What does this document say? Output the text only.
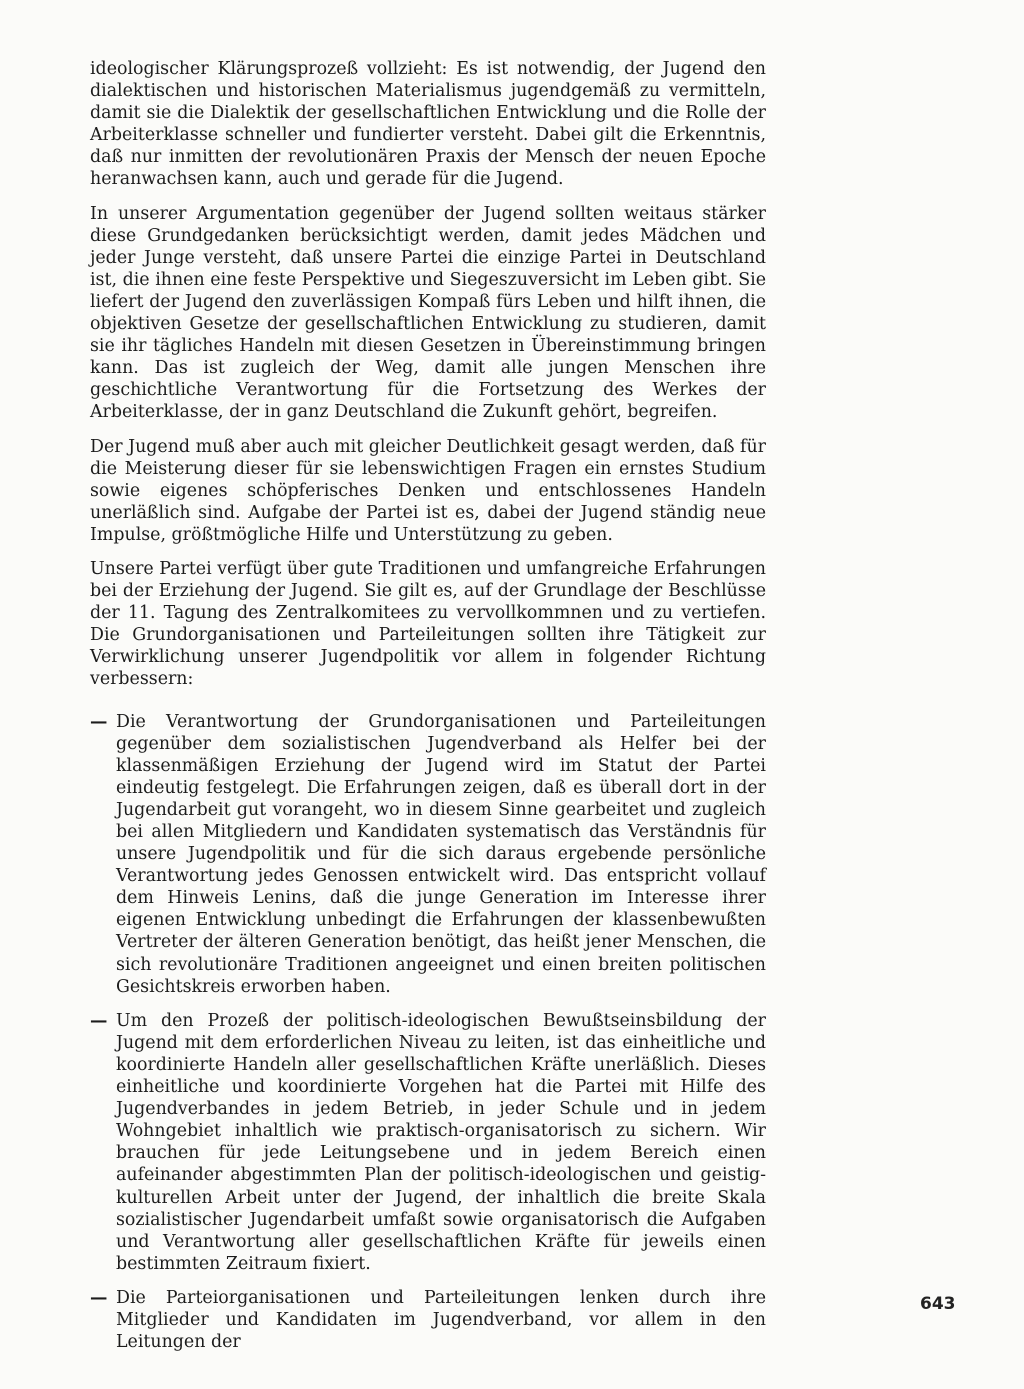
ideologischer Klärungsprozeß vollzieht: Es ist notwendig, der Jugend den dialektischen und historischen Materialismus jugendgemäß zu vermitteln, damit sie die Dialektik der gesellschaftlichen Entwicklung und die Rolle der Arbeiterklasse schneller und fundierter versteht. Dabei gilt die Erkenntnis, daß nur inmitten der revolutionären Praxis der Mensch der neuen Epoche heranwachsen kann, auch und gerade für die Jugend.

In unserer Argumentation gegenüber der Jugend sollten weitaus stärker diese Grundgedanken berücksichtigt werden, damit jedes Mädchen und jeder Junge versteht, daß unsere Partei die einzige Partei in Deutschland ist, die ihnen eine feste Perspektive und Siegeszuversicht im Leben gibt. Sie liefert der Jugend den zuverlässigen Kompaß fürs Leben und hilft ihnen, die objektiven Gesetze der gesellschaftlichen Entwicklung zu studieren, damit sie ihr tägliches Handeln mit diesen Gesetzen in Übereinstimmung bringen kann. Das ist zugleich der Weg, damit alle jungen Menschen ihre geschichtliche Verantwortung für die Fortsetzung des Werkes der Arbeiterklasse, der in ganz Deutschland die Zukunft gehört, begreifen.

Der Jugend muß aber auch mit gleicher Deutlichkeit gesagt werden, daß für die Meisterung dieser für sie lebenswichtigen Fragen ein ernstes Studium sowie eigenes schöpferisches Denken und entschlossenes Handeln unerläßlich sind. Aufgabe der Partei ist es, dabei der Jugend ständig neue Impulse, größtmögliche Hilfe und Unterstützung zu geben.

Unsere Partei verfügt über gute Traditionen und umfangreiche Erfahrungen bei der Erziehung der Jugend. Sie gilt es, auf der Grundlage der Beschlüsse der 11. Tagung des Zentralkomitees zu vervollkommnen und zu vertiefen. Die Grundorganisationen und Parteileitungen sollten ihre Tätigkeit zur Verwirklichung unserer Jugendpolitik vor allem in folgender Richtung verbessern:

— Die Verantwortung der Grundorganisationen und Parteileitungen gegenüber dem sozialistischen Jugendverband als Helfer bei der klassenmäßigen Erziehung der Jugend wird im Statut der Partei eindeutig festgelegt. Die Erfahrungen zeigen, daß es überall dort in der Jugendarbeit gut vorangeht, wo in diesem Sinne gearbeitet und zugleich bei allen Mitgliedern und Kandidaten systematisch das Verständnis für unsere Jugendpolitik und für die sich daraus ergebende persönliche Verantwortung jedes Genossen entwickelt wird. Das entspricht vollauf dem Hinweis Lenins, daß die junge Generation im Interesse ihrer eigenen Entwicklung unbedingt die Erfahrungen der klassenbewußten Vertreter der älteren Generation benötigt, das heißt jener Menschen, die sich revolutionäre Traditionen angeeignet und einen breiten politischen Gesichtskreis erworben haben.
— Um den Prozeß der politisch-ideologischen Bewußtseinsbildung der Jugend mit dem erforderlichen Niveau zu leiten, ist das einheitliche und koordinierte Handeln aller gesellschaftlichen Kräfte unerläßlich. Dieses einheitliche und koordinierte Vorgehen hat die Partei mit Hilfe des Jugendverbandes in jedem Betrieb, in jeder Schule und in jedem Wohngebiet inhaltlich wie praktisch-organisatorisch zu sichern. Wir brauchen für jede Leitungsebene und in jedem Bereich einen aufeinander abgestimmten Plan der politisch-ideologischen und geistig-kulturellen Arbeit unter der Jugend, der inhaltlich die breite Skala sozialistischer Jugendarbeit umfaßt sowie organisatorisch die Aufgaben und Verantwortung aller gesellschaftlichen Kräfte für jeweils einen bestimmten Zeitraum fixiert.
— Die Parteiorganisationen und Parteileitungen lenken durch ihre Mitglieder und Kandidaten im Jugendverband, vor allem in den Leitungen der
643
